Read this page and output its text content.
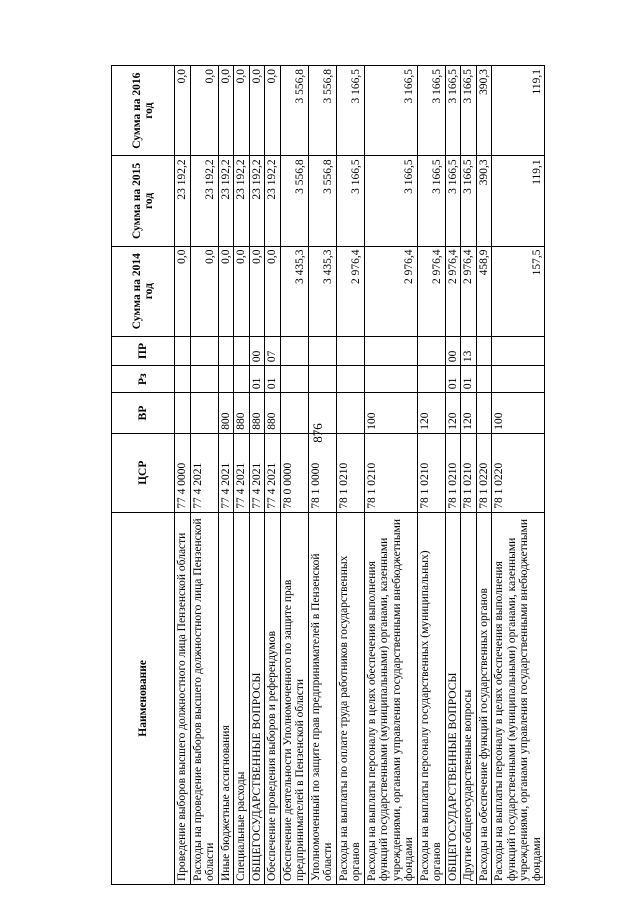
876
Наименование	ЦСР	ВР	Рз	ПР	Сумма на 2014 год	Сумма на 2015 год	Сумма на 2016 год
Проведение выборов высшего должностного лица Пензенской области	77 4 0000				0,0	23 192,2	0,0
Расходы на проведение выборов высшего должностного лица Пензенской области	77 4 2021				0,0	23 192,2	0,0
Иные бюджетные ассигнования	77 4 2021	800			0,0	23 192,2	0,0
Специальные расходы	77 4 2021	880			0,0	23 192,2	0,0
ОБЩЕГОСУДАРСТВЕННЫЕ ВОПРОСЫ	77 4 2021	880	01	00	0,0	23 192,2	0,0
Обеспечение проведения выборов и референдумов	77 4 2021	880	01	07	0,0	23 192,2	0,0
Обеспечение деятельности Уполномоченного по защите прав предпринимателей в Пензенской области	78 0 0000				3 435,3	3 556,8	3 556,8
Уполномоченный по защите прав предпринимателей в Пензенской области	78 1 0000				3 435,3	3 556,8	3 556,8
Расходы на выплаты по оплате труда работников государственных органов	78 1 0210				2 976,4	3 166,5	3 166,5
Расходы на выплаты персоналу в целях обеспечения выполнения функций государственными (муниципальными) органами, казенными учреждениями, органами управления государственными внебюджетными фондами	78 1 0210	100			2 976,4	3 166,5	3 166,5
Расходы на выплаты персоналу государственных (муниципальных) органов	78 1 0210	120			2 976,4	3 166,5	3 166,5
ОБЩЕГОСУДАРСТВЕННЫЕ ВОПРОСЫ	78 1 0210	120	01	00	2 976,4	3 166,5	3 166,5
Другие общегосударственные вопросы	78 1 0210	120	01	13	2 976,4	3 166,5	3 166,5
Расходы на обеспечение функций государственных органов	78 1 0220				458,9	390,3	390,3
Расходы на выплаты персоналу в целях обеспечения выполнения функций государственными (муниципальными) органами, казенными учреждениями, органами управления государственными внебюджетными фондами	78 1 0220	100			157,5	119,1	119,1
